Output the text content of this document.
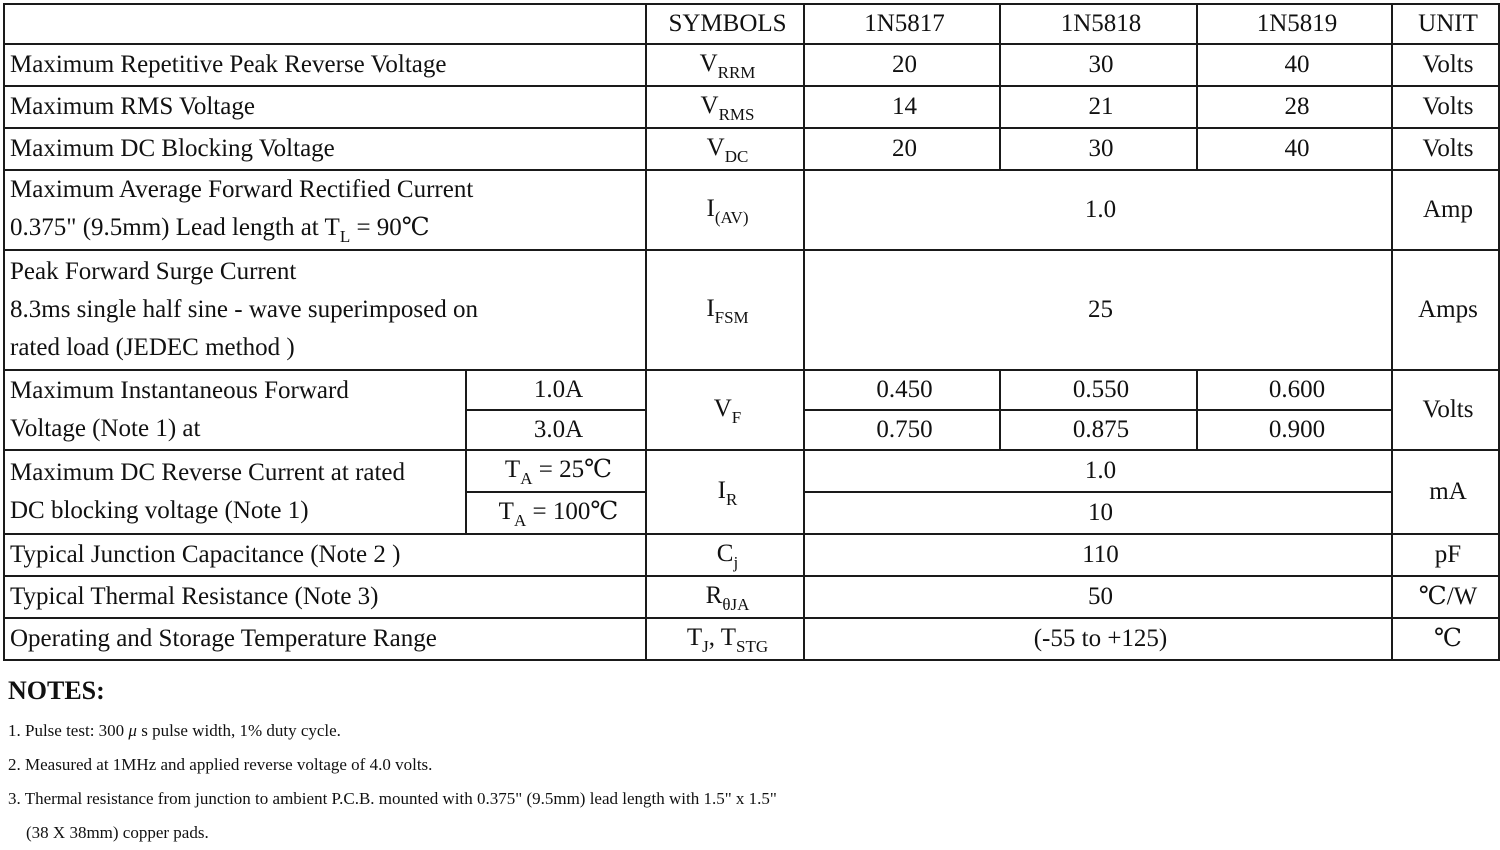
		SYMBOLS	1N5817	1N5818	1N5819	UNIT
Maximum Repetitive Peak Reverse Voltage		$V_{RRM}$	20	30	40	Volts
Maximum RMS Voltage		$V_{RMS}$	14	21	28	Volts
Maximum DC Blocking Voltage		$V_{DC}$	20	30	40	Volts

Maximum Average Forward Rectified Current
0.375" (9.5mm) Lead length at $T_L$ = 90℃		$I_{(AV)}$	1.0			Amp

Peak Forward Surge Current
8.3ms single half sine - wave superimposed on
rated load (JEDEC method )		$I_{FSM}$	25			Amps

Maximum Instantaneous Forward
Voltage (Note 1) at	1.0A	$V_F$	0.450	0.550	0.600	Volts
	3.0A		0.750	0.875	0.900	

Maximum DC Reverse Current at rated
DC blocking voltage (Note 1)	$T_A$ = 25℃	$I_R$	1.0			mA
	$T_A$ = 100℃		10			
Typical Junction Capacitance (Note 2 )		$C_j$	110			pF
Typical Thermal Resistance (Note 3)		$R_{\theta JA}$	50			℃/W
Operating and Storage Temperature Range		$T_J$, $T_{STG}$	(-55 to +125)			℃
NOTES:
1. Pulse test: 300 μ s pulse width, 1% duty cycle.
2. Measured at 1MHz and applied reverse voltage of 4.0 volts.
3. Thermal resistance from junction to ambient P.C.B. mounted with 0.375" (9.5mm) lead length with 1.5" x 1.5"
(38 X 38mm) copper pads.
